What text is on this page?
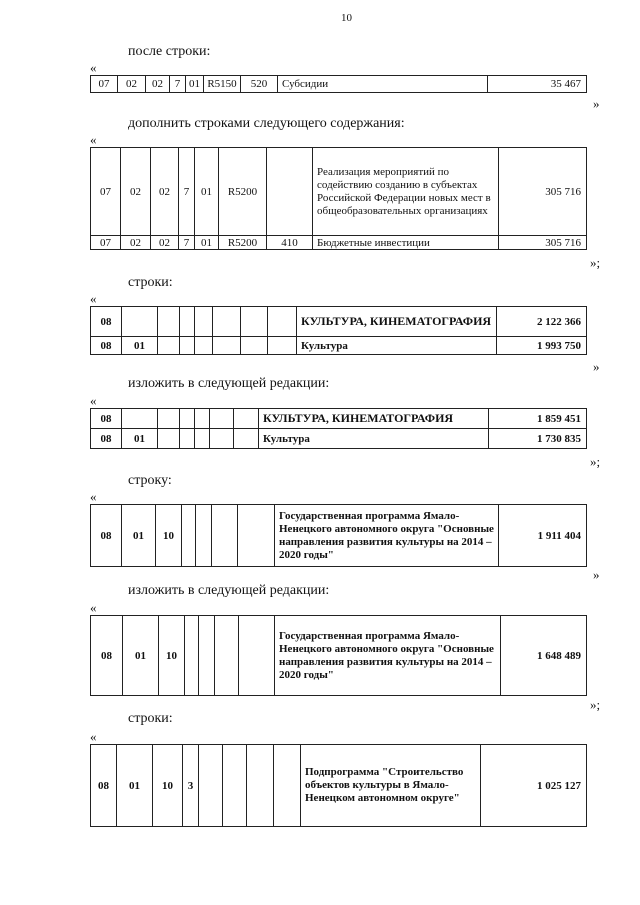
10
после строки:
«
07	02	02	7	01	R5150	520	Субсидии	35 467
»
дополнить строками следующего содержания:
«
07	02	02	7	01	R5200		Реализация мероприятий по содействию созданию в субъектах Российской Федерации новых мест в общеобразовательных организациях	305 716
07	02	02	7	01	R5200	410	Бюджетные инвестиции	305 716
»;
строки:
«
08								КУЛЬТУРА, КИНЕМАТОГРАФИЯ	2 122 366
08	01							Культура	1 993 750
»
изложить в следующей редакции:
«
08							КУЛЬТУРА, КИНЕМАТОГРАФИЯ	1 859 451
08	01						Культура	1 730 835
»;
строку:
«
08	01	10					Государственная программа Ямало-Ненецкого автономного округа "Основные направления развития культуры на 2014 – 2020 годы"	1 911 404
»
изложить в следующей редакции:
«
08	01	10					Государственная программа Ямало-Ненецкого автономного округа "Основные направления развития культуры на 2014 – 2020 годы"	1 648 489
»;
строки:
«
08	01	10	3					Подпрограмма "Строительство объектов культуры в Ямало-Ненецком автономном округе"	1 025 127
